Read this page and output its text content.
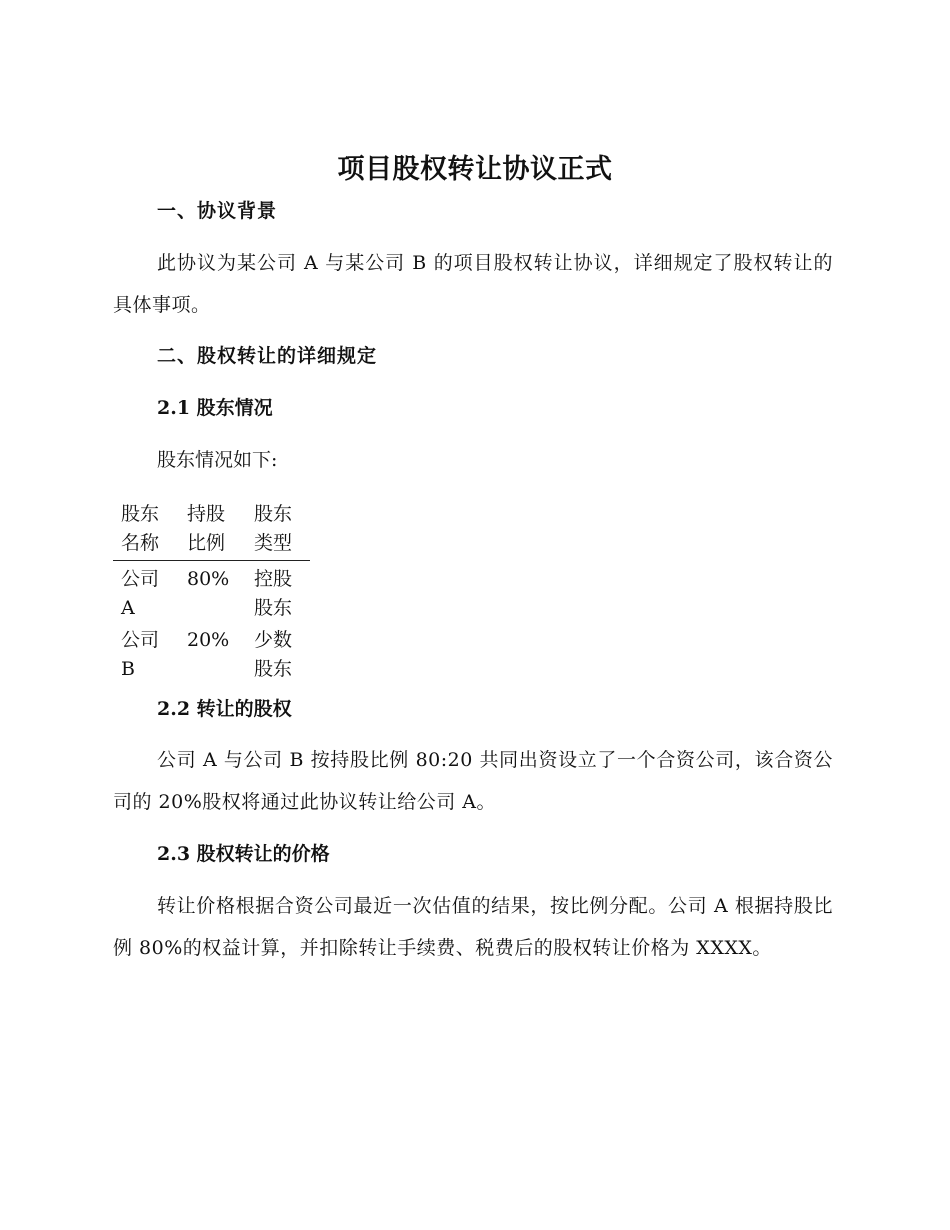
项目股权转让协议正式
一、协议背景
此协议为某公司 A 与某公司 B 的项目股权转让协议，详细规定了股权转让的具体事项。
二、股权转让的详细规定
2.1 股东情况
股东情况如下:
股东名称	持股比例	股东类型
公司 A	80%	控股股东
公司 B	20%	少数股东
2.2 转让的股权
公司 A 与公司 B 按持股比例 80:20 共同出资设立了一个合资公司，该合资公司的 20%股权将通过此协议转让给公司 A。
2.3 股权转让的价格
转让价格根据合资公司最近一次估值的结果，按比例分配。公司 A 根据持股比例 80%的权益计算，并扣除转让手续费、税费后的股权转让价格为 XXXX。
